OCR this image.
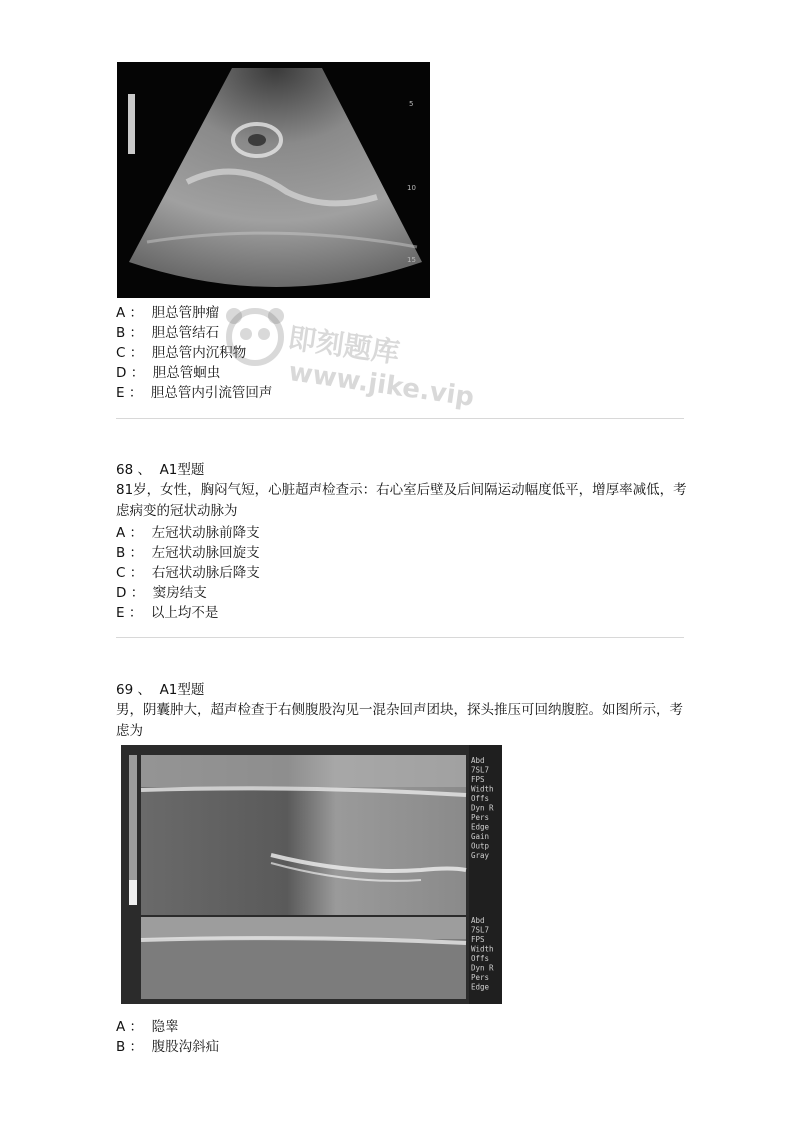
5
10
15
A ：  胆总管肿瘤
B ：  胆总管结石
C ：  胆总管内沉积物
D ：  胆总管蛔虫
E ：  胆总管内引流管回声
即刻题库
www.jike.vip
68 、  A1型题
81岁，女性，胸闷气短，心脏超声检查示：右心室后壁及后间隔运动幅度低平，增厚率减低，考虑病变的冠状动脉为
A ：  左冠状动脉前降支
B ：  左冠状动脉回旋支
C ：  右冠状动脉后降支
D ：  窦房结支
E ：  以上均不是
69 、  A1型题
男，阴囊肿大，超声检查于右侧腹股沟见一混杂回声团块，探头推压可回纳腹腔。如图所示，考虑为
Abd
7SL7
FPS
Width
Offs
Dyn R
Pers
Edge
Gain
Outp
Gray
Abd
7SL7
FPS
Width
Offs
Dyn R
Pers
Edge
A ：  隐睾
B ：  腹股沟斜疝
